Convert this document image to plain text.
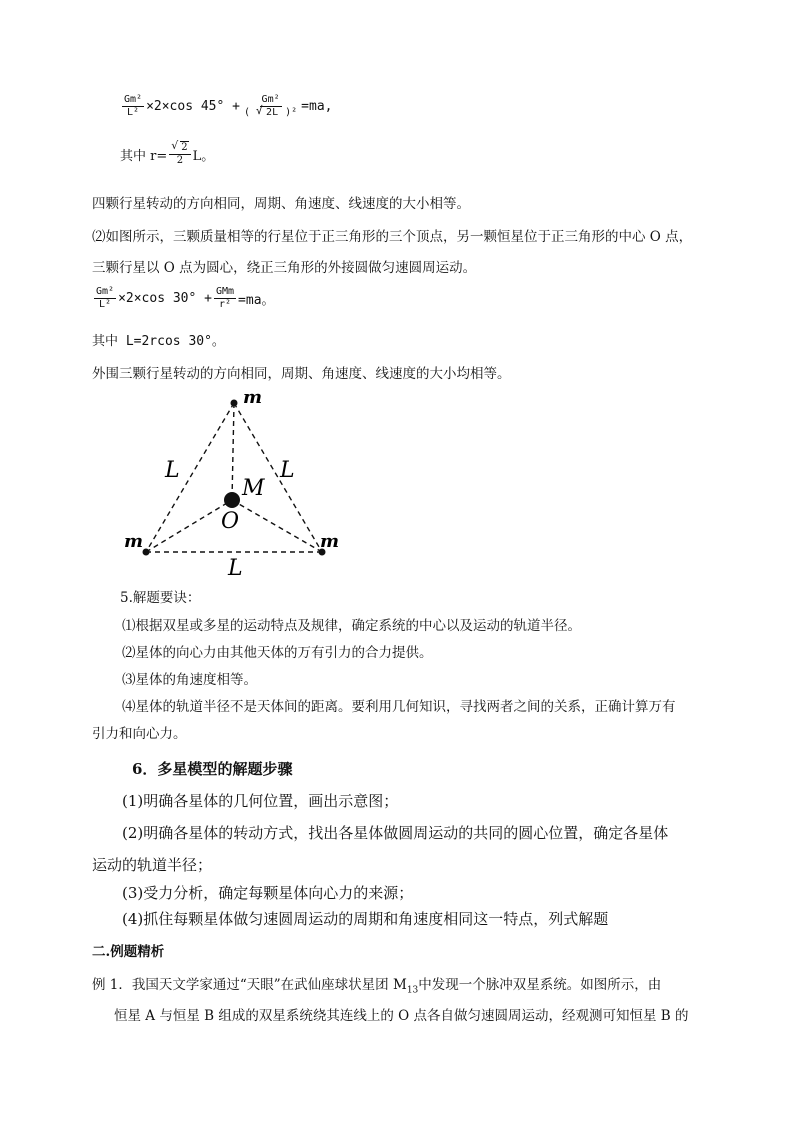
$\frac{\text{Gm²}}{\text{L²}} \times 2\times\cos$ $45^\circ + \frac{\text{Gm²}}{\text{( √ 2L )²}} =ma$,
其中 r= √ $\frac{2}{2}$ L。
四颗行星转动的方向相同，周期、角速度、线速度的大小相等。
⑵如图所示，三颗质量相等的行星位于正三角形的三个顶点，另一颗恒星位于正三角形的中心 O 点，
三颗行星以 O 点为圆心，绕正三角形的外接圆做匀速圆周运动。
$\frac{\text{Gm²}}{\text{L²}} \times 2\times\cos$ $30^\circ + \frac{\text{GMm}}{\text{r²}} =ma$。
其中 L=2rcos 30°。
外围三颗行星转动的方向相同，周期、角速度、线速度的大小均相等。
m
m	m
L	L
L
M
O
5.解题要诀：
⑴根据双星或多星的运动特点及规律，确定系统的中心以及运动的轨道半径。
⑵星体的向心力由其他天体的万有引力的合力提供。
⑶星体的角速度相等。
⑷星体的轨道半径不是天体间的距离。要利用几何知识，寻找两者之间的关系，正确计算万有
引力和向心力。
6．多星模型的解题步骤
(1)明确各星体的几何位置，画出示意图；
(2)明确各星体的转动方式，找出各星体做圆周运动的共同的圆心位置，确定各星体
运动的轨道半径；
(3)受力分析，确定每颗星体向心力的来源；
(4)抓住每颗星体做匀速圆周运动的周期和角速度相同这一特点，列式解题
二.例题精析
例 1．我国天文学家通过“天眼”在武仙座球状星团 $M_{13}$中发现一个脉冲双星系统。如图所示，由
恒星 A 与恒星 B 组成的双星系统绕其连线上的 O 点各自做匀速圆周运动，经观测可知恒星 B 的
